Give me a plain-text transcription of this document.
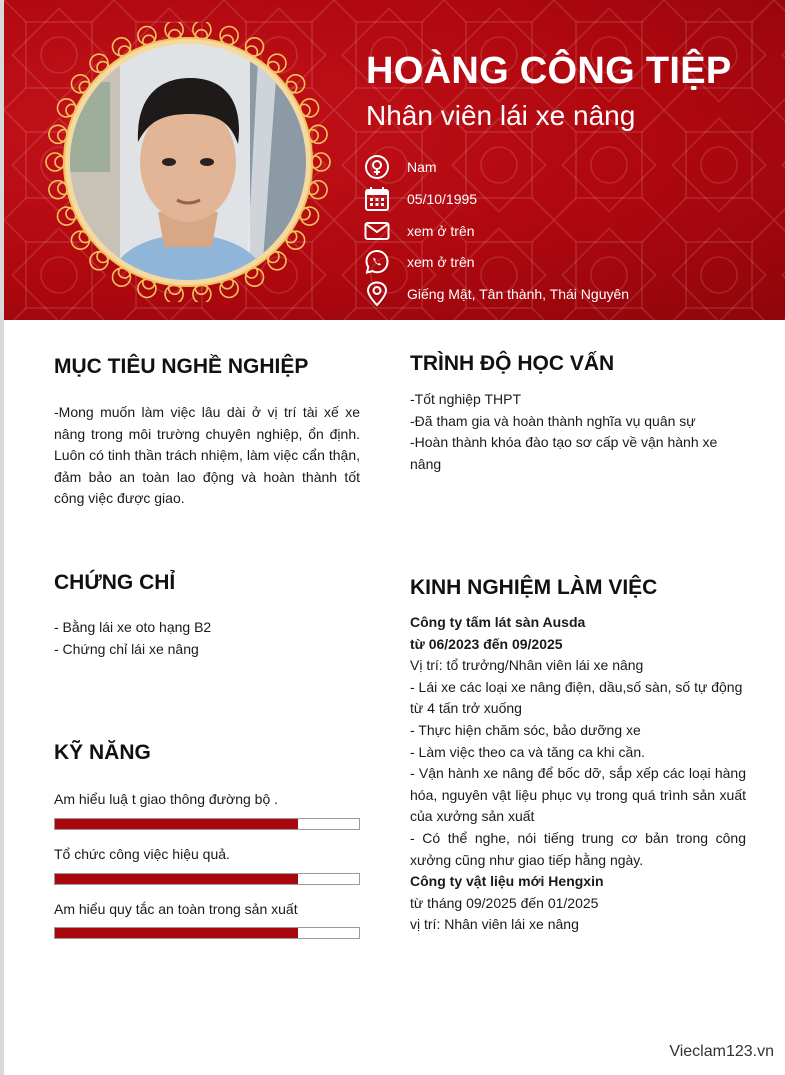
HOÀNG CÔNG TIỆP
Nhân viên lái xe nâng
Nam
05/10/1995
xem ở trên
xem ở trên
Giếng Mật, Tân thành, Thái Nguyên
MỤC TIÊU NGHỀ NGHIỆP
-Mong muốn làm việc lâu dài ở vị trí tài xế xe nâng trong môi trường chuyên nghiệp, ổn định. Luôn có tinh thần trách nhiệm, làm việc cẩn thận, đảm bảo an toàn lao động và hoàn thành tốt công việc được giao.
CHỨNG CHỈ
- Bằng lái xe oto hạng B2
- Chứng chỉ lái xe nâng
KỸ NĂNG
Am hiểu luậ t giao thông đường bộ .
Tổ chức công việc hiệu quả.
Am hiểu quy tắc an toàn trong sản xuất
TRÌNH ĐỘ HỌC VẤN
-Tốt nghiệp THPT
-Đã tham gia và hoàn thành nghĩa vụ quân sự
-Hoàn thành khóa đào tạo sơ cấp về vận hành xe
nâng
KINH NGHIỆM LÀM VIỆC
Công ty tấm lát sàn Ausda
từ 06/2023 đến 09/2025
Vị trí: tổ trưởng/Nhân viên lái xe nâng
- Lái xe các loại xe nâng điện, dầu,số sàn, số tự động từ 4 tấn trở xuống
- Thực hiện chăm sóc, bảo dưỡng xe
- Làm việc theo ca và tăng ca khi cần.
- Vận hành xe nâng để bốc dỡ, sắp xếp các loại hàng hóa, nguyên vật liệu phục vụ trong quá trình sản xuất của xưởng sản xuất
- Có thể nghe, nói tiếng trung cơ bản trong công xưởng cũng như giao tiếp hằng ngày.
Công ty vật liệu mới Hengxin
từ tháng 09/2025 đến 01/2025
vị trí: Nhân viên lái xe nâng
Vieclam123.vn
